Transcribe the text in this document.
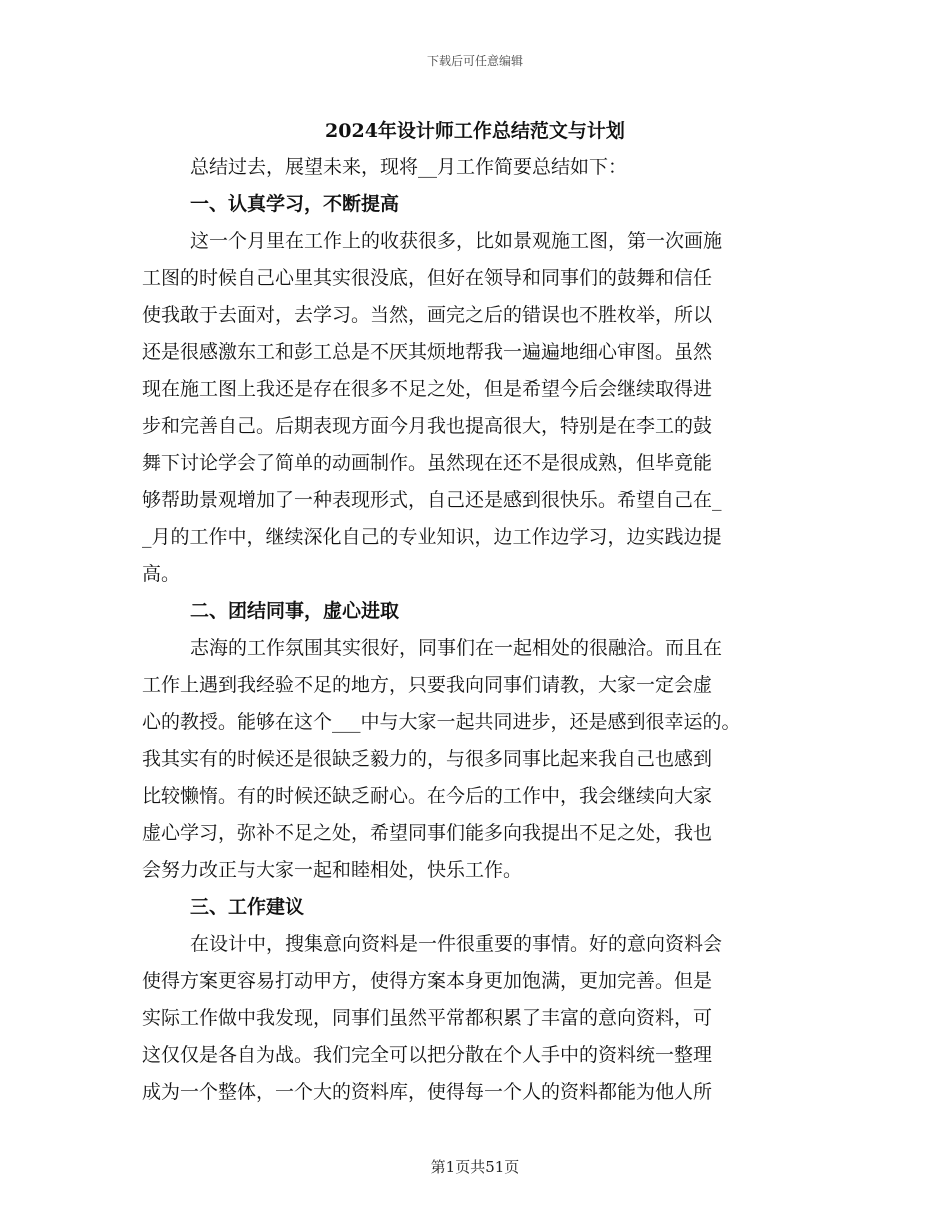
下载后可任意编辑
2024年设计师工作总结范文与计划
总结过去，展望未来，现将__月工作简要总结如下：
一、认真学习，不断提高
这一个月里在工作上的收获很多，比如景观施工图，第一次画施
工图的时候自己心里其实很没底，但好在领导和同事们的鼓舞和信任
使我敢于去面对，去学习。当然，画完之后的错误也不胜枚举，所以
还是很感激东工和彭工总是不厌其烦地帮我一遍遍地细心审图。虽然
现在施工图上我还是存在很多不足之处，但是希望今后会继续取得进
步和完善自己。后期表现方面今月我也提高很大，特别是在李工的鼓
舞下讨论学会了简单的动画制作。虽然现在还不是很成熟，但毕竟能
够帮助景观增加了一种表现形式，自己还是感到很快乐。希望自己在_
_月的工作中，继续深化自己的专业知识，边工作边学习，边实践边提
高。
二、团结同事，虚心进取
志海的工作氛围其实很好，同事们在一起相处的很融洽。而且在
工作上遇到我经验不足的地方，只要我向同事们请教，大家一定会虚
心的教授。能够在这个___中与大家一起共同进步，还是感到很幸运的。
我其实有的时候还是很缺乏毅力的，与很多同事比起来我自己也感到
比较懒惰。有的时候还缺乏耐心。在今后的工作中，我会继续向大家
虚心学习，弥补不足之处，希望同事们能多向我提出不足之处，我也
会努力改正与大家一起和睦相处，快乐工作。
三、工作建议
在设计中，搜集意向资料是一件很重要的事情。好的意向资料会
使得方案更容易打动甲方，使得方案本身更加饱满，更加完善。但是
实际工作做中我发现，同事们虽然平常都积累了丰富的意向资料，可
这仅仅是各自为战。我们完全可以把分散在个人手中的资料统一整理
成为一个整体，一个大的资料库，使得每一个人的资料都能为他人所
第1页共51页
